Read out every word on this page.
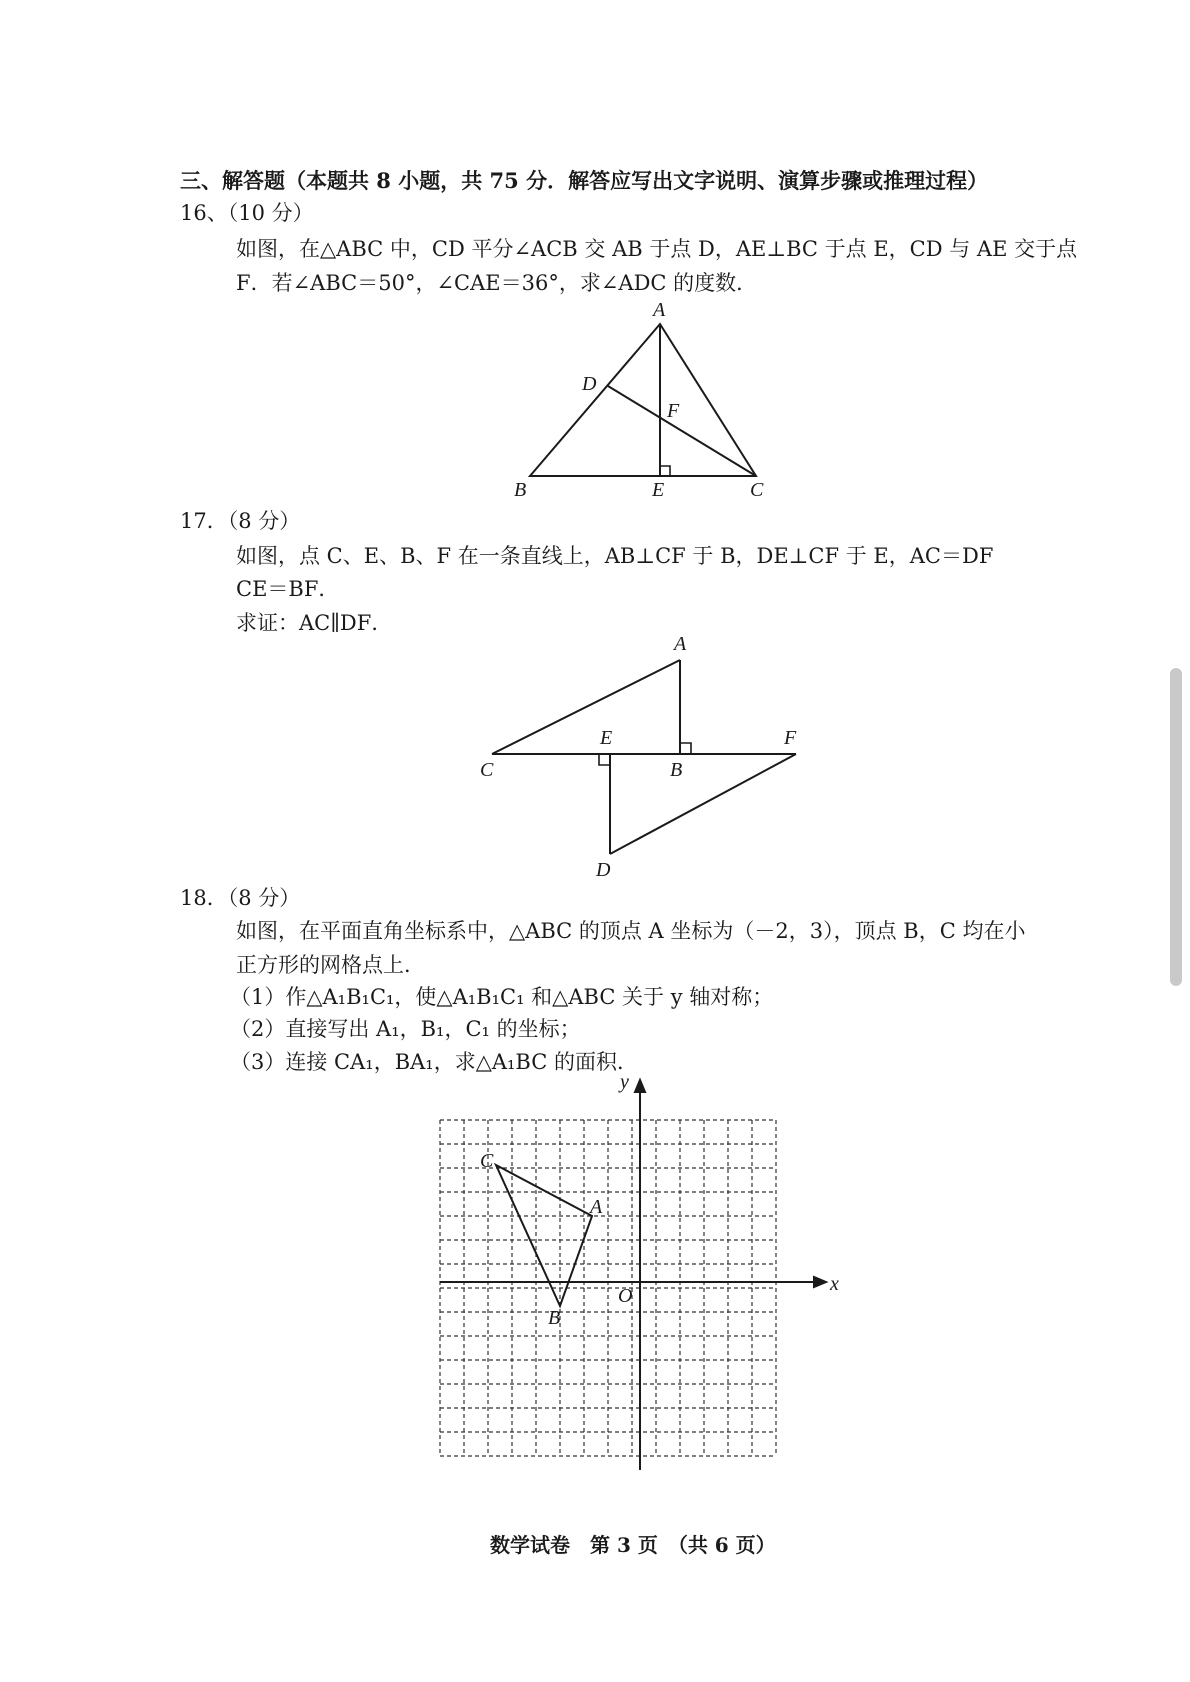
三、解答题（本题共 8 小题，共 75 分．解答应写出文字说明、演算步骤或推理过程）
16、（10 分）
如图，在△ABC 中，CD 平分∠ACB 交 AB 于点 D，AE⊥BC 于点 E，CD 与 AE 交于点
F．若∠ABC＝50°，∠CAE＝36°，求∠ADC 的度数．
A
B	C
D
E
F
17．（8 分）
如图，点 C、E、B、F 在一条直线上，AB⊥CF 于 B，DE⊥CF 于 E，AC＝DF
CE＝BF．
求证：AC∥DF．
A
B
C
D
E	F
18．（8 分）
如图，在平面直角坐标系中，△ABC 的顶点 A 坐标为（－2，3），顶点 B，C 均在小
正方形的网格点上．
（1）作△A₁B₁C₁，使△A₁B₁C₁ 和△ABC 关于 y 轴对称；
（2）直接写出 A₁，B₁，C₁ 的坐标；
（3）连接 CA₁，BA₁，求△A₁BC 的面积．
A
B
C
O
x
y
数学试卷　第 3 页　（共 6 页）
